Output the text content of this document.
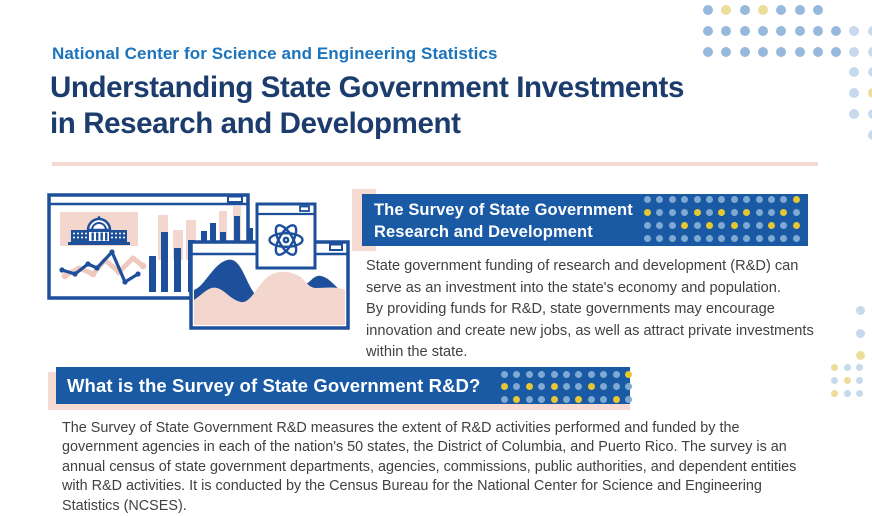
National Center for Science and Engineering Statistics
Understanding State Government Investments
in Research and Development
The Survey of State Government
Research and Development
State government funding of research and development (R&D) can
serve as an investment into the state's economy and population.
By providing funds for R&D, state governments may encourage
innovation and create new jobs, as well as attract private investments
within the state.
What is the Survey of State Government R&D?
The Survey of State Government R&D measures the extent of R&D activities performed and funded by the
government agencies in each of the nation's 50 states, the District of Columbia, and Puerto Rico. The survey is an
annual census of state government departments, agencies, commissions, public authorities, and dependent entities
with R&D activities. It is conducted by the Census Bureau for the National Center for Science and Engineering
Statistics (NCSES).
